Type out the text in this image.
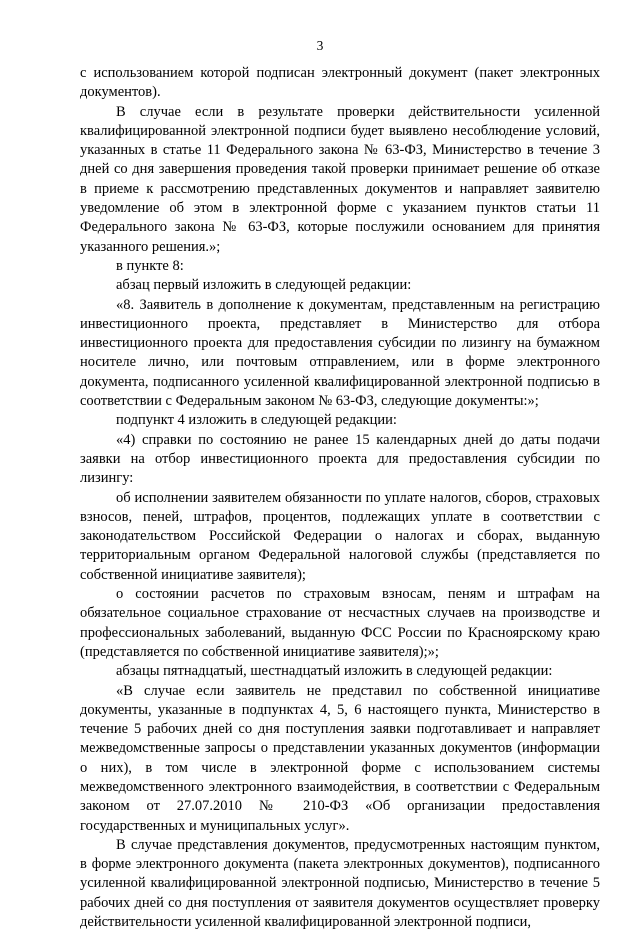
3

с использованием которой подписан электронный документ (пакет электронных документов).

В случае если в результате проверки действительности усиленной квалифицированной электронной подписи будет выявлено несоблюдение условий, указанных в статье 11 Федерального закона № 63-ФЗ, Министерство в течение 3 дней со дня завершения проведения такой проверки принимает решение об отказе в приеме к рассмотрению представленных документов и направляет заявителю уведомление об этом в электронной форме с указанием пунктов статьи 11 Федерального закона № 63-ФЗ, которые послужили основанием для принятия указанного решения.»;

в пункте 8:

абзац первый изложить в следующей редакции:

«8. Заявитель в дополнение к документам, представленным на регистрацию инвестиционного проекта, представляет в Министерство для отбора инвестиционного проекта для предоставления субсидии по лизингу на бумажном носителе лично, или почтовым отправлением, или в форме электронного документа, подписанного усиленной квалифицированной электронной подписью в соответствии с Федеральным законом № 63-ФЗ, следующие документы:»;

подпункт 4 изложить в следующей редакции:

«4) справки по состоянию не ранее 15 календарных дней до даты подачи заявки на отбор инвестиционного проекта для предоставления субсидии по лизингу:

об исполнении заявителем обязанности по уплате налогов, сборов, страховых взносов, пеней, штрафов, процентов, подлежащих уплате в соответствии с законодательством Российской Федерации о налогах и сборах, выданную территориальным органом Федеральной налоговой службы (представляется по собственной инициативе заявителя);

о состоянии расчетов по страховым взносам, пеням и штрафам на обязательное социальное страхование от несчастных случаев на производстве и профессиональных заболеваний, выданную ФСС России по Красноярскому краю (представляется по собственной инициативе заявителя);»;

абзацы пятнадцатый, шестнадцатый изложить в следующей редакции:

«В случае если заявитель не представил по собственной инициативе документы, указанные в подпунктах 4, 5, 6 настоящего пункта, Министерство в течение 5 рабочих дней со дня поступления заявки подготавливает и направляет межведомственные запросы о представлении указанных документов (информации о них), в том числе в электронной форме с использованием системы межведомственного электронного взаимодействия, в соответствии с Федеральным законом от 27.07.2010 № 210-ФЗ «Об организации предоставления государственных и муниципальных услуг».

В случае представления документов, предусмотренных настоящим пунктом, в форме электронного документа (пакета электронных документов), подписанного усиленной квалифицированной электронной подписью, Министерство в течение 5 рабочих дней со дня поступления от заявителя документов осуществляет проверку действительности усиленной квалифицированной электронной подписи,
